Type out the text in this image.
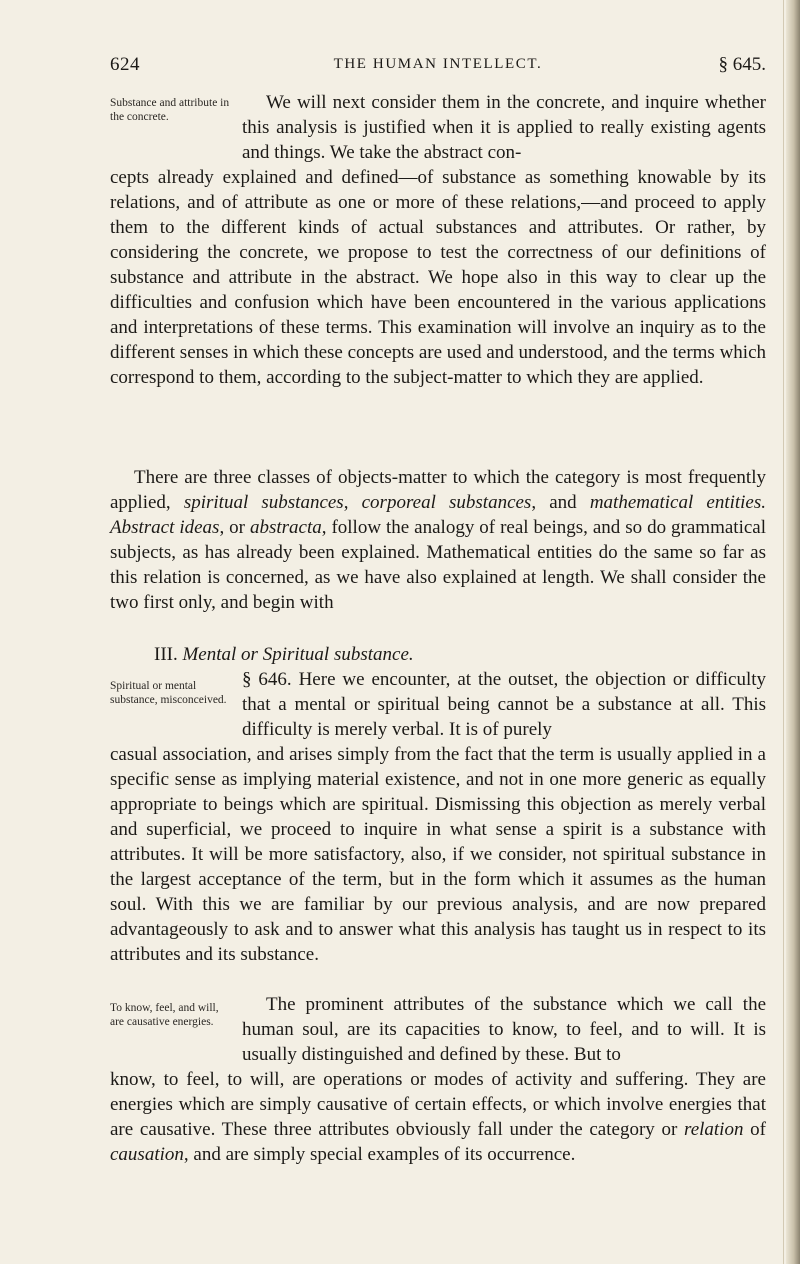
624	THE HUMAN INTELLECT.	§ 645.
Substance and attribute in the concrete.

We will next consider them in the concrete, and inquire whether this analysis is justified when it is applied to really existing agents and things. We take the abstract con-

cepts already explained and defined—of substance as something knowable by its relations, and of attribute as one or more of these relations,—and proceed to apply them to the different kinds of actual substances and attributes. Or rather, by considering the concrete, we propose to test the correctness of our definitions of substance and attribute in the abstract. We hope also in this way to clear up the difficulties and confusion which have been encountered in the various applications and interpretations of these terms. This examination will involve an inquiry as to the different senses in which these concepts are used and understood, and the terms which correspond to them, according to the subject-matter to which they are applied.

There are three classes of objects-matter to which the category is most frequently applied, spiritual substances, corporeal substances, and mathematical entities. Abstract ideas, or abstracta, follow the analogy of real beings, and so do grammatical subjects, as has already been explained. Mathematical entities do the same so far as this relation is concerned, as we have also explained at length. We shall consider the two first only, and begin with

III. Mental or Spiritual substance.

Spiritual or mental substance, misconceived.

§ 646. Here we encounter, at the outset, the objection or difficulty that a mental or spiritual being cannot be a substance at all. This difficulty is merely verbal. It is of purely

casual association, and arises simply from the fact that the term is usually applied in a specific sense as implying material existence, and not in one more generic as equally appropriate to beings which are spiritual. Dismissing this objection as merely verbal and superficial, we proceed to inquire in what sense a spirit is a substance with attributes. It will be more satisfactory, also, if we consider, not spiritual substance in the largest acceptance of the term, but in the form which it assumes as the human soul. With this we are familiar by our previous analysis, and are now prepared advantageously to ask and to answer what this analysis has taught us in respect to its attributes and its substance.

To know, feel, and will, are causative energies.

The prominent attributes of the substance which we call the human soul, are its capacities to know, to feel, and to will. It is usually distinguished and defined by these. But to

know, to feel, to will, are operations or modes of activity and suffering. They are energies which are simply causative of certain effects, or which involve energies that are causative. These three attributes obviously fall under the category or relation of causation, and are simply special examples of its occurrence.
